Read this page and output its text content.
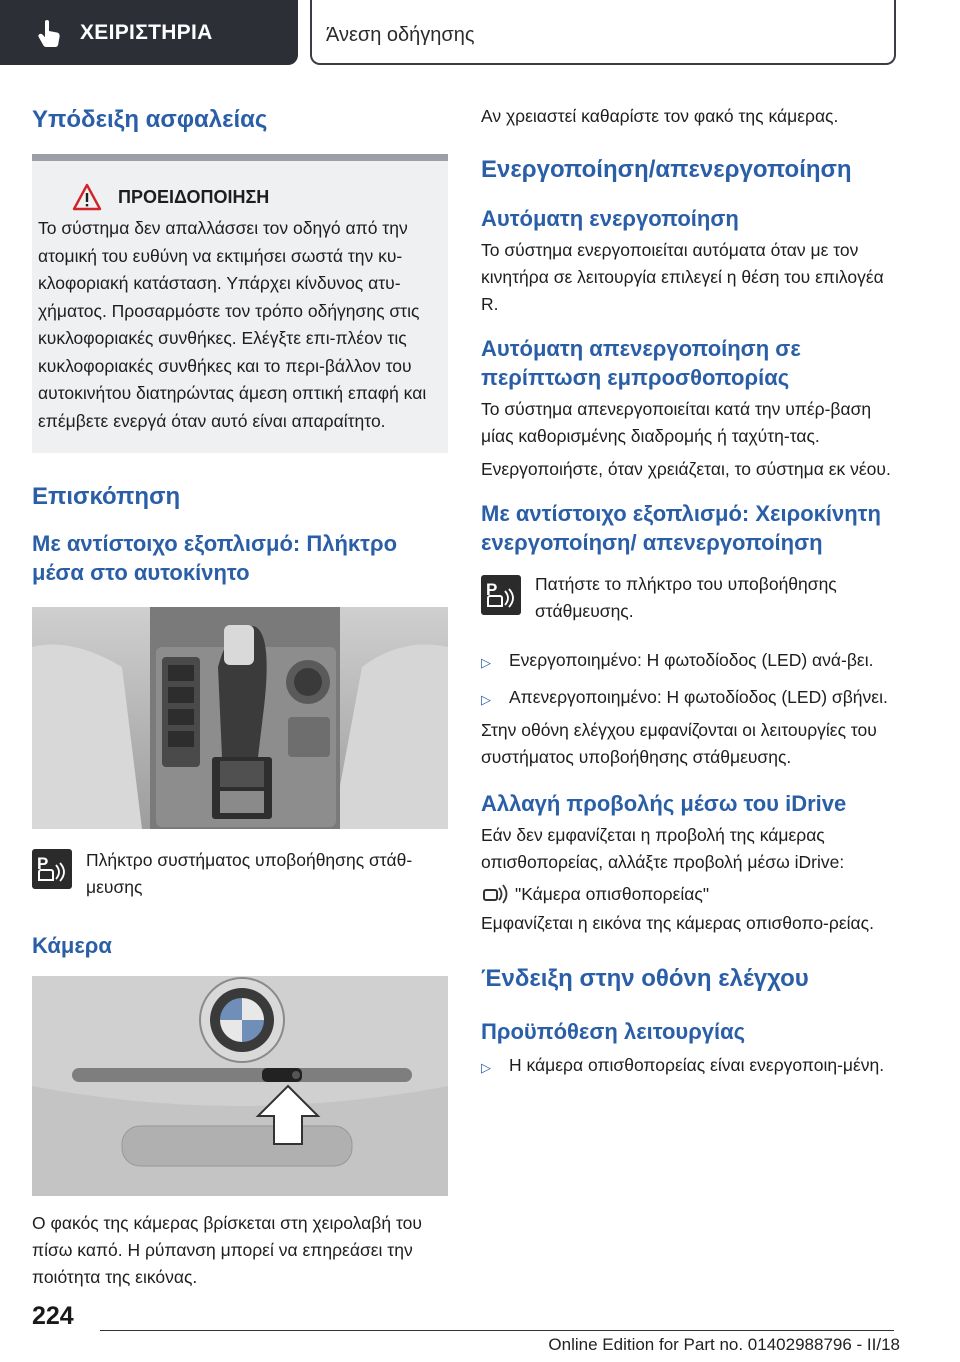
ΧΕΙΡΙΣΤΗΡΙΑ	Άνεση οδήγησης
Υπόδειξη ασφαλείας
ΠΡΟΕΙΔΟΠΟΙΗΣΗ

Το σύστημα δεν απαλλάσσει τον οδηγό από την ατομική του ευθύνη να εκτιμήσει σωστά την κυ-κλοφοριακή κατάσταση. Υπάρχει κίνδυνος ατυ-χήματος. Προσαρμόστε τον τρόπο οδήγησης στις κυκλοφοριακές συνθήκες. Ελέγξτε επι-πλέον τις κυκλοφοριακές συνθήκες και το περι-βάλλον του αυτοκινήτου διατηρώντας άμεση οπτική επαφή και επέμβετε ενεργά όταν αυτό είναι απαραίτητο.

Επισκόπηση
Με αντίστοιχο εξοπλισμό: Πλήκτρο μέσα στο αυτοκίνητο
P Πλήκτρο συστήματος υποβοήθησης στάθ-μευσης

Κάμερα

Ο φακός της κάμερας βρίσκεται στη χειρολαβή του πίσω καπό. Η ρύπανση μπορεί να επηρεάσει την ποιότητα της εικόνας.

Αν χρειαστεί καθαρίστε τον φακό της κάμερας.

Ενεργοποίηση/απενεργοποίηση
Αυτόματη ενεργοποίηση

Το σύστημα ενεργοποιείται αυτόματα όταν με τον κινητήρα σε λειτουργία επιλεγεί η θέση του επιλογέα R.

Αυτόματη απενεργοποίηση σε περίπτωση εμπροσθοπορίας

Το σύστημα απενεργοποιείται κατά την υπέρ-βαση μίας καθορισμένης διαδρομής ή ταχύτη-τας.

Ενεργοποιήστε, όταν χρειάζεται, το σύστημα εκ νέου.

Με αντίστοιχο εξοπλισμό: Χειροκίνητη ενεργοποίηση/ απενεργοποίηση
P Πατήστε το πλήκτρο του υποβοήθησης στάθμευσης.

▷	Ενεργοποιημένο: Η φωτοδίοδος (LED) ανά-βει.
▷	Απενεργοποιημένο: Η φωτοδίοδος (LED) σβήνει.

Στην οθόνη ελέγχου εμφανίζονται οι λειτουργίες του συστήματος υποβοήθησης στάθμευσης.

Αλλαγή προβολής μέσω του iDrive

Εάν δεν εμφανίζεται η προβολή της κάμερας οπισθοπορείας, αλλάξτε προβολή μέσω iDrive:

"Κάμερα οπισθοπορείας"

Εμφανίζεται η εικόνα της κάμερας οπισθοπο-ρείας.

Ένδειξη στην οθόνη ελέγχου
Προϋπόθεση λειτουργίας
▷	Η κάμερα οπισθοπορείας είναι ενεργοποιη-μένη.
224
Online Edition for Part no. 01402988796 - II/18
